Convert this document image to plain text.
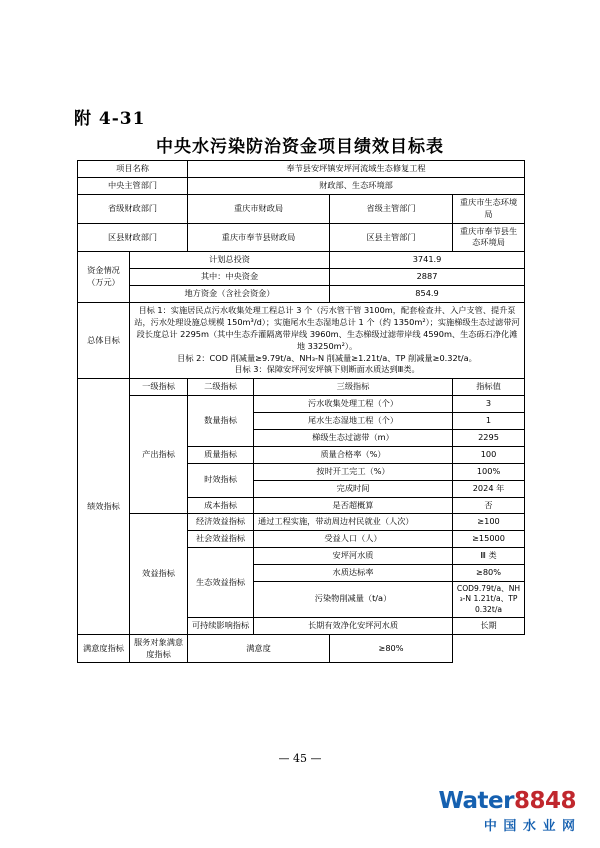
附 4-31
中央水污染防治资金项目绩效目标表
项目名称		奉节县安坪镇安坪河流域生态修复工程			
中央主管部门		财政部、生态环境部			
省级财政部门		重庆市财政局		省级主管部门	重庆市生态环境局
区县财政部门		重庆市奉节县财政局		区县主管部门	重庆市奉节县生态环境局
资金情况（万元）	计划总投资			3741.9	
	其中：中央资金			2887	
	地方资金（含社会资金）			854.9	
总体目标	目标 1：实施居民点污水收集处理工程总计 3 个（污水管干管 3100m，配套检查井、入户支管、提升泵站，污水处理设施总规模 150m³/d）；实施尾水生态湿地总计 1 个（约 1350m²）；实施梯级生态过滤带河段长度总计 2295m（其中生态乔灌隔离带岸线 3960m、生态梯级过滤带岸线 4590m、生态砾石净化滩地 33250m²）。
目标 2：COD 削减量≥9.79t/a、NH₃-N 削减量≥1.21t/a、TP 削减量≥0.32t/a。
目标 3：保障安坪河安坪镇下则断面水质达到Ⅲ类。				

绩效指标	一级指标	二级指标	三级指标		指标值
	产出指标	数量指标	污水收集处理工程（个）		3
			尾水生态湿地工程（个）		1
			梯级生态过滤带（m）		2295
		质量指标	质量合格率（%）		100
		时效指标	按时开工完工（%）		100%
			完成时间		2024 年
		成本指标	是否超概算		否
	效益指标	经济效益指标	通过工程实施，带动周边村民就业（人次）		≥100
		社会效益指标	受益人口（人）		≥15000
		生态效益指标	安坪河水质		Ⅲ 类
			水质达标率		≥80%
			污染物削减量（t/a）		COD9.79t/a、NH₃-N 1.21t/a、TP0.32t/a
		可持续影响指标	长期有效净化安坪河水质		长期
满意度指标	服务对象满意度指标	满意度		≥80%	
— 45 —
Water8848
中 国 水 业 网
